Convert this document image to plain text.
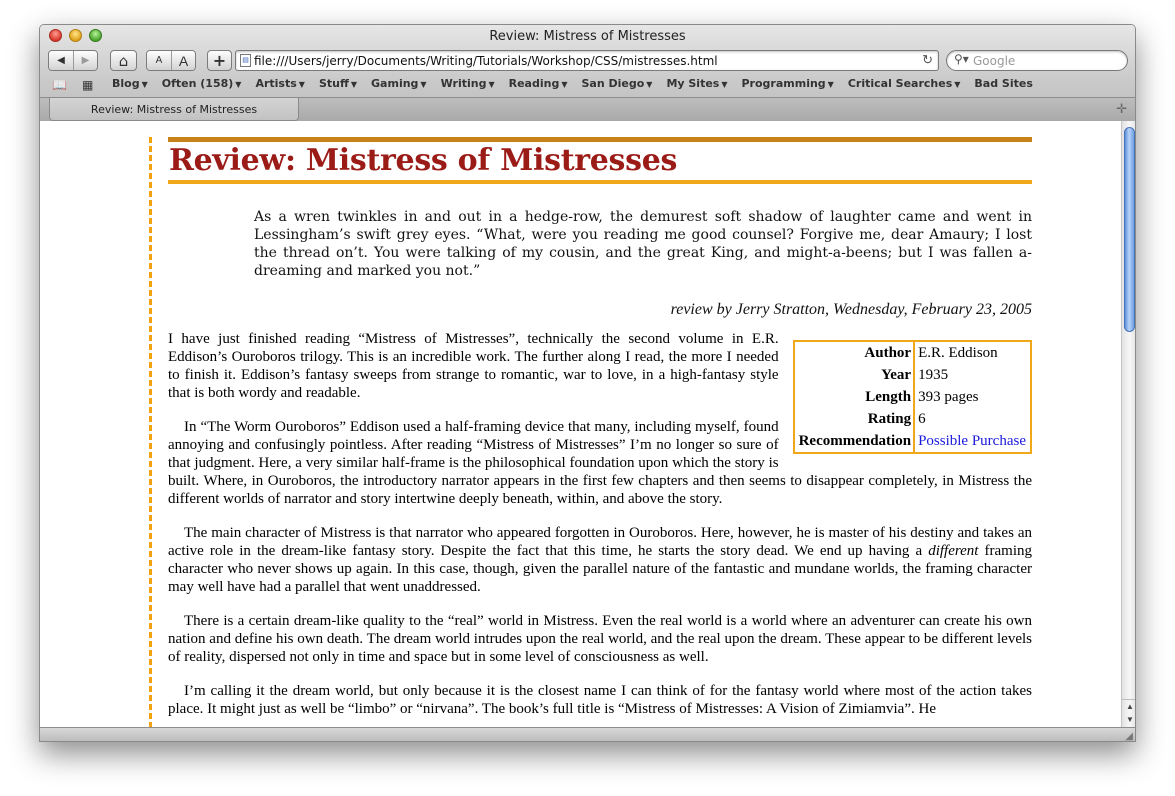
Review: Mistress of Mistresses
◀ ▶ ⌂	A A +	▤
file:///Users/jerry/Documents/Writing/Tutorials/Workshop/CSS/mistresses.html	↻ ⚲▾
Google
📖 ▦ Blog ▼ Often (158) ▼ Artists ▼ Stuff ▼ Gaming ▼ Writing ▼ Reading ▼ San Diego ▼ My Sites ▼ Programming ▼ Critical Searches ▼ Bad Sites
Review: Mistress of Mistresses	✛
Review: Mistress of Mistresses
As a wren twinkles in and out in a hedge-row, the demurest soft shadow of laughter came and went in Lessingham’s swift grey eyes. “What, were you reading me good counsel? Forgive me, dear Amaury; I lost the thread on’t. You were talking of my cousin, and the great King, and might-a-beens; but I was fallen a-dreaming and marked you not.”
review by Jerry Stratton, Wednesday, February 23, 2005
Author	E.R. Eddison
Year	1935
Length	393 pages
Rating	6
Recommendation	Possible Purchase

I have just finished reading “Mistress of Mistresses”, technically the second volume in E.R. Eddison’s Ouroboros trilogy. This is an incredible work. The further along I read, the more I needed to finish it. Eddison’s fantasy sweeps from strange to romantic, war to love, in a high-fantasy style that is both wordy and readable.

In “The Worm Ouroboros” Eddison used a half-framing device that many, including myself, found annoying and confusingly pointless. After reading “Mistress of Mistresses” I’m no longer so sure of that judgment. Here, a very similar half-frame is the philosophical foundation upon which the story is built. Where, in Ouroboros, the introductory narrator appears in the first few chapters and then seems to disappear completely, in Mistress the different worlds of narrator and story intertwine deeply beneath, within, and above the story.

The main character of Mistress is that narrator who appeared forgotten in Ouroboros. Here, however, he is master of his destiny and takes an active role in the dream-like fantasy story. Despite the fact that this time, he starts the story dead. We end up having a different framing character who never shows up again. In this case, though, given the parallel nature of the fantastic and mundane worlds, the framing character may well have had a parallel that went unaddressed.

There is a certain dream-like quality to the “real” world in Mistress. Even the real world is a world where an adventurer can create his own nation and define his own death. The dream world intrudes upon the real world, and the real upon the dream. These appear to be different levels of reality, dispersed not only in time and space but in some level of consciousness as well.

I’m calling it the dream world, but only because it is the closest name I can think of for the fantasy world where most of the action takes place. It might just as well be “limbo” or “nirvana”. The book’s full title is “Mistress of Mistresses: A Vision of Zimiamvia”. He	▲
▼
◢
